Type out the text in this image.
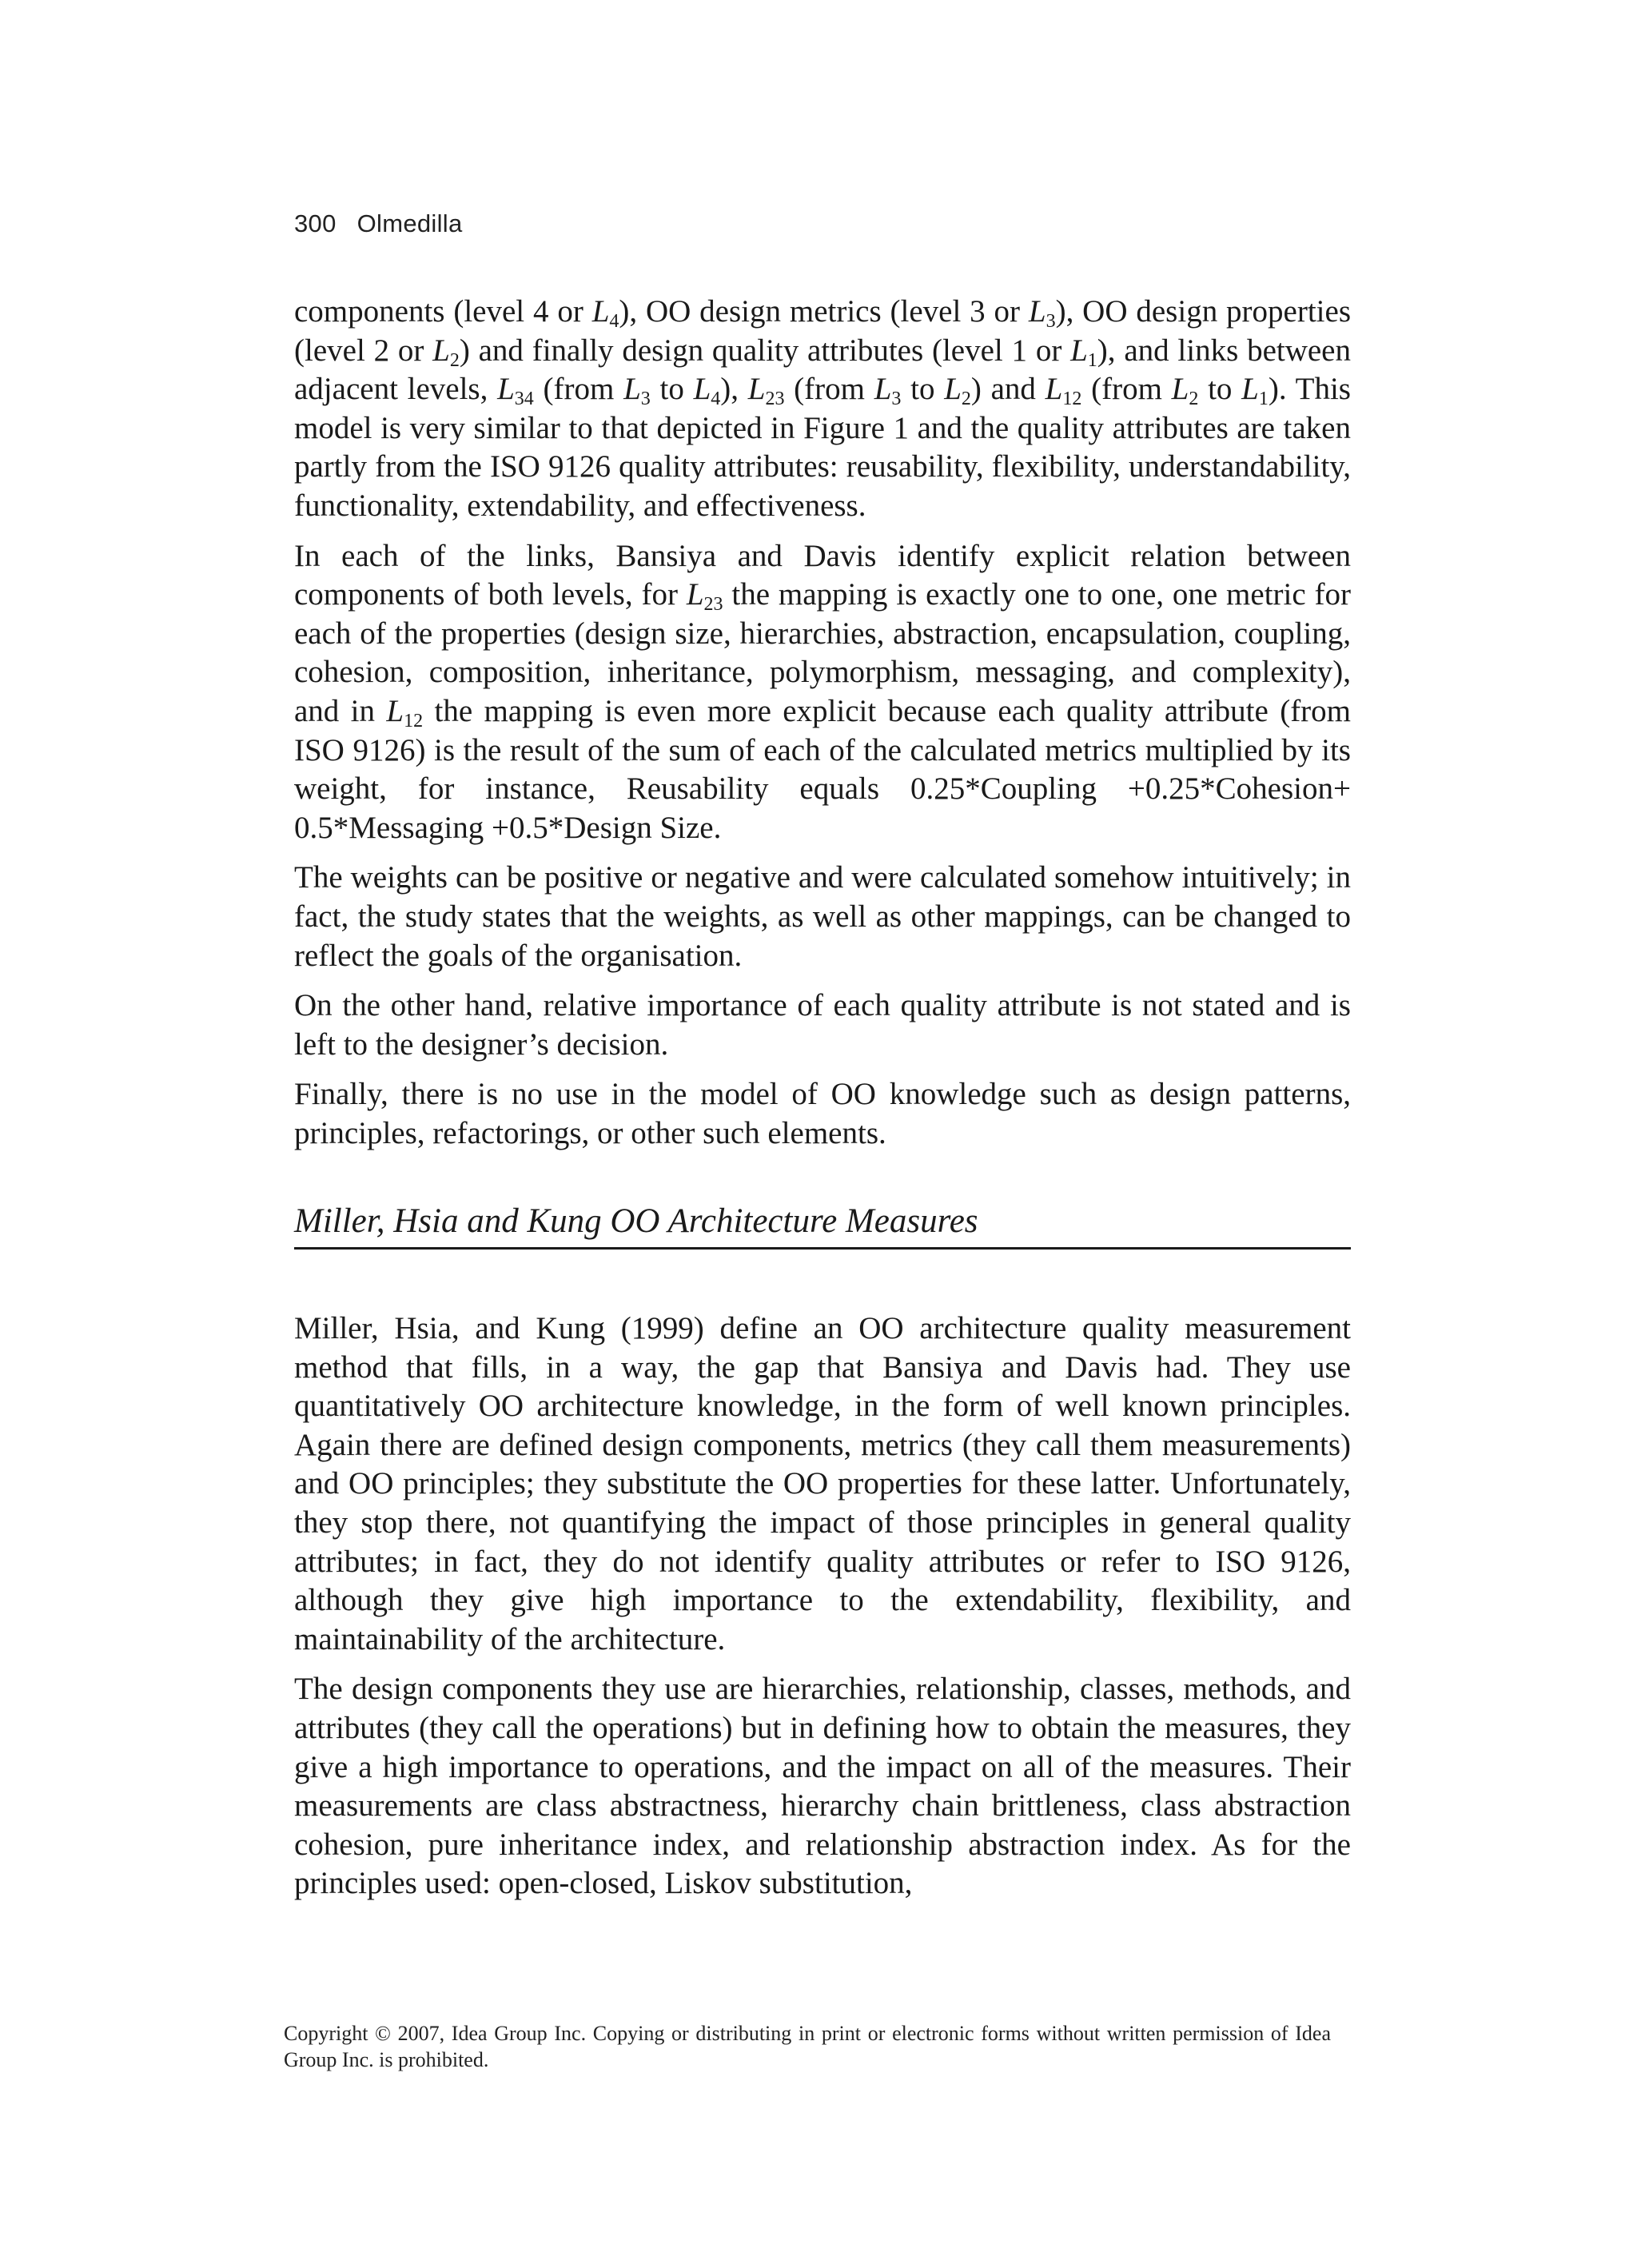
300 Olmedilla

components (level 4 or $L_4$), OO design metrics (level 3 or $L_3$), OO design properties (level 2 or $L_2$) and finally design quality attributes (level 1 or $L_1$), and links between adjacent levels, $L_{34}$ (from $L_3$ to $L_4$), $L_{23}$ (from $L_3$ to $L_2$) and $L_{12}$ (from $L_2$ to $L_1$). This model is very similar to that depicted in Figure 1 and the quality attributes are taken partly from the ISO 9126 quality attributes: reusability, flexibility, understandability, functionality, extendability, and effectiveness.

In each of the links, Bansiya and Davis identify explicit relation between components of both levels, for $L_{23}$ the mapping is exactly one to one, one metric for each of the properties (design size, hierarchies, abstraction, encapsulation, coupling, cohesion, composition, inheritance, polymorphism, messaging, and complexity), and in $L_{12}$ the mapping is even more explicit because each quality attribute (from ISO 9126) is the result of the sum of each of the calculated metrics multiplied by its weight, for instance, Reusability equals 0.25*Coupling +0.25*Cohesion+ 0.5*Messaging +0.5*Design Size.

The weights can be positive or negative and were calculated somehow intuitively; in fact, the study states that the weights, as well as other mappings, can be changed to reflect the goals of the organisation.

On the other hand, relative importance of each quality attribute is not stated and is left to the designer’s decision.

Finally, there is no use in the model of OO knowledge such as design patterns, principles, refactorings, or other such elements.

Miller, Hsia and Kung OO Architecture Measures

Miller, Hsia, and Kung (1999) define an OO architecture quality measurement method that fills, in a way, the gap that Bansiya and Davis had. They use quantitatively OO architecture knowledge, in the form of well known principles. Again there are defined design components, metrics (they call them measurements) and OO principles; they substitute the OO properties for these latter. Unfortunately, they stop there, not quantifying the impact of those principles in general quality attributes; in fact, they do not identify quality attributes or refer to ISO 9126, although they give high importance to the extendability, flexibility, and maintainability of the architecture.

The design components they use are hierarchies, relationship, classes, methods, and attributes (they call the operations) but in defining how to obtain the measures, they give a high importance to operations, and the impact on all of the measures. Their measurements are class abstractness, hierarchy chain brittleness, class abstraction cohesion, pure inheritance index, and relationship abstraction index. As for the principles used: open-closed, Liskov substitution,

Copyright © 2007, Idea Group Inc. Copying or distributing in print or electronic forms without written permission of Idea Group Inc. is prohibited.
